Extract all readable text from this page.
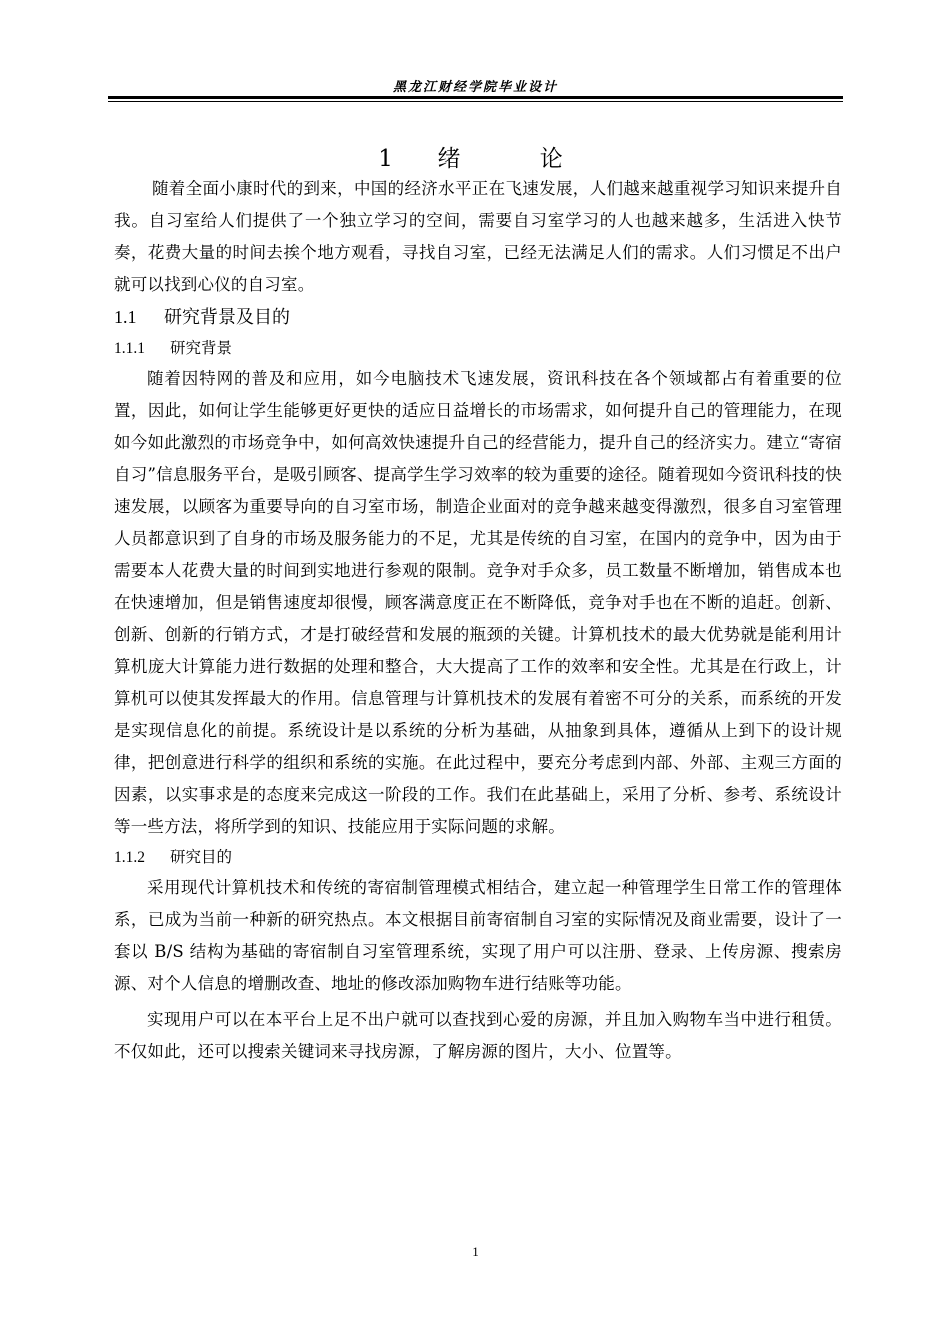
黑龙江财经学院毕业设计
1  绪    论

随着全面小康时代的到来，中国的经济水平正在飞速发展，人们越来越重视学习知识来提升自我。自习室给人们提供了一个独立学习的空间，需要自习室学习的人也越来越多，生活进入快节奏，花费大量的时间去挨个地方观看，寻找自习室，已经无法满足人们的需求。人们习惯足不出户就可以找到心仪的自习室。

1.1 研究背景及目的
1.1.1 研究背景

随着因特网的普及和应用，如今电脑技术飞速发展，资讯科技在各个领域都占有着重要的位置，因此，如何让学生能够更好更快的适应日益增长的市场需求，如何提升自己的管理能力，在现如今如此激烈的市场竞争中，如何高效快速提升自己的经营能力，提升自己的经济实力。建立“寄宿自习”信息服务平台，是吸引顾客、提高学生学习效率的较为重要的途径。随着现如今资讯科技的快速发展，以顾客为重要导向的自习室市场，制造企业面对的竞争越来越变得激烈，很多自习室管理人员都意识到了自身的市场及服务能力的不足，尤其是传统的自习室，在国内的竞争中，因为由于需要本人花费大量的时间到实地进行参观的限制。竞争对手众多，员工数量不断增加，销售成本也在快速增加，但是销售速度却很慢，顾客满意度正在不断降低，竞争对手也在不断的追赶。创新、创新、创新的行销方式，才是打破经营和发展的瓶颈的关键。计算机技术的最大优势就是能利用计算机庞大计算能力进行数据的处理和整合，大大提高了工作的效率和安全性。尤其是在行政上，计算机可以使其发挥最大的作用。信息管理与计算机技术的发展有着密不可分的关系，而系统的开发是实现信息化的前提。系统设计是以系统的分析为基础，从抽象到具体，遵循从上到下的设计规律，把创意进行科学的组织和系统的实施。在此过程中，要充分考虑到内部、外部、主观三方面的因素，以实事求是的态度来完成这一阶段的工作。我们在此基础上，采用了分析、参考、系统设计等一些方法，将所学到的知识、技能应用于实际问题的求解。

1.1.2 研究目的

采用现代计算机技术和传统的寄宿制管理模式相结合，建立起一种管理学生日常工作的管理体系，已成为当前一种新的研究热点。本文根据目前寄宿制自习室的实际情况及商业需要，设计了一套以 B/S 结构为基础的寄宿制自习室管理系统，实现了用户可以注册、登录、上传房源、搜索房源、对个人信息的增删改查、地址的修改添加购物车进行结账等功能。

实现用户可以在本平台上足不出户就可以查找到心爱的房源，并且加入购物车当中进行租赁。不仅如此，还可以搜索关键词来寻找房源，了解房源的图片，大小、位置等。

1
